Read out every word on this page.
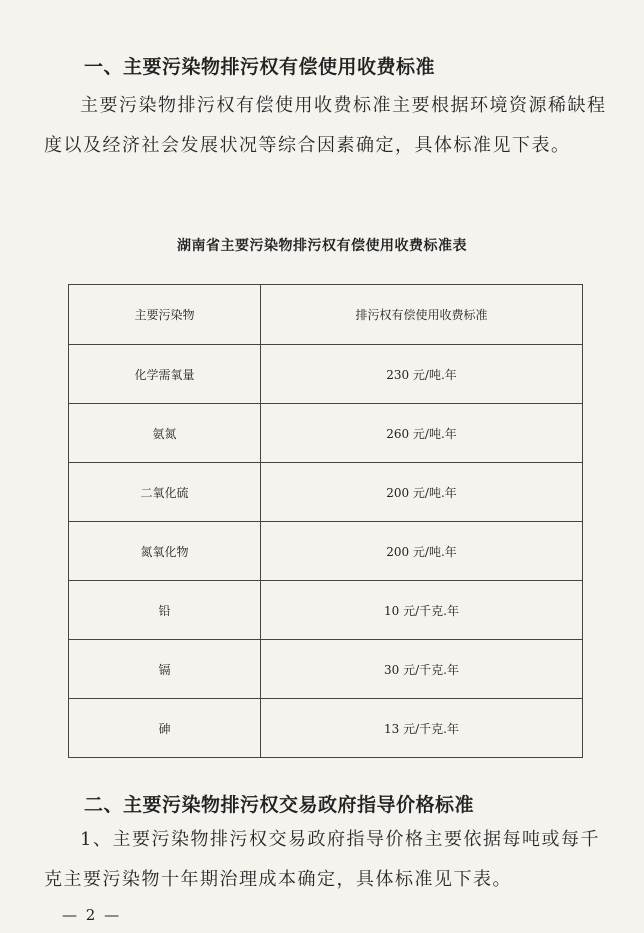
一、主要污染物排污权有偿使用收费标准
主要污染物排污权有偿使用收费标准主要根据环境资源稀缺程度以及经济社会发展状况等综合因素确定，具体标准见下表。
湖南省主要污染物排污权有偿使用收费标准表
主要污染物	排污权有偿使用收费标准
化学需氧量	230 元/吨.年
氨氮	260 元/吨.年
二氧化硫	200 元/吨.年
氮氧化物	200 元/吨.年
铅	10 元/千克.年
镉	30 元/千克.年
砷	13 元/千克.年
二、主要污染物排污权交易政府指导价格标准
1、主要污染物排污权交易政府指导价格主要依据每吨或每千克主要污染物十年期治理成本确定，具体标准见下表。
— 2 —
